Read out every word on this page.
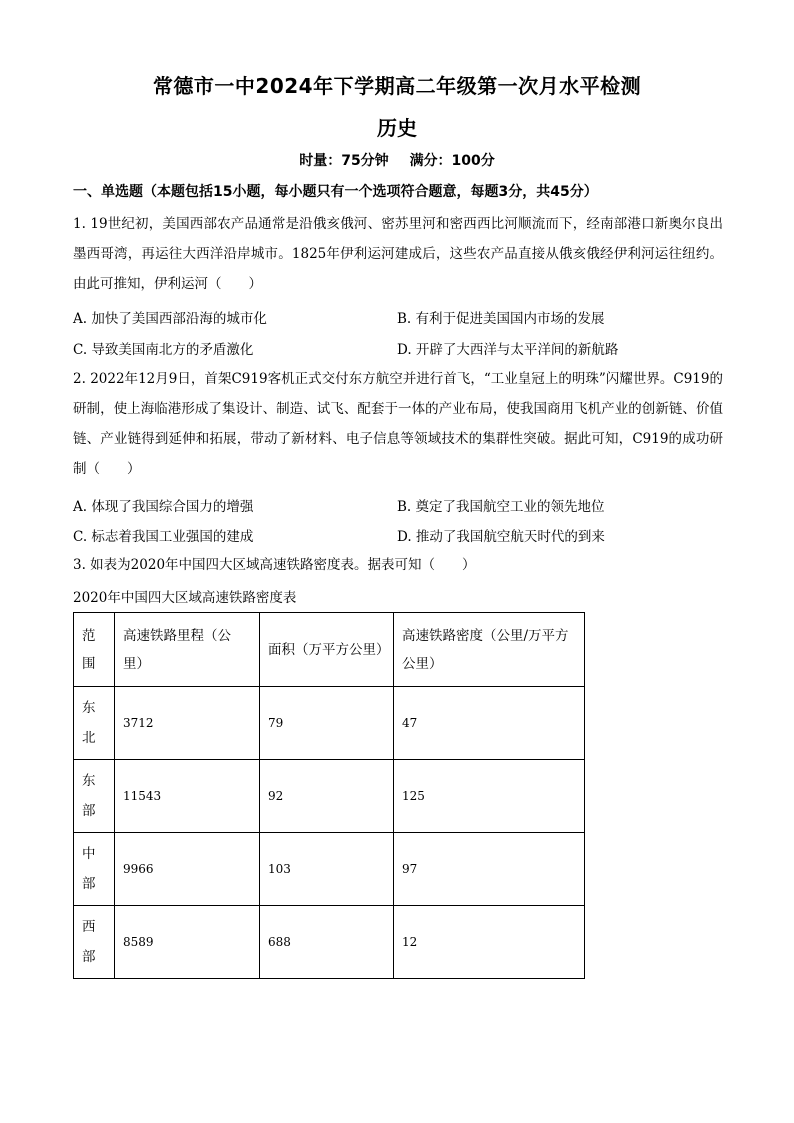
常德市一中2024年下学期高二年级第一次月水平检测
历史
时量：75分钟 满分：100分
一、单选题（本题包括15小题，每小题只有一个选项符合题意，每题3分，共45分）
1. 19世纪初，美国西部农产品通常是沿俄亥俄河、密苏里河和密西西比河顺流而下，经南部港口新奥尔良出墨西哥湾，再运往大西洋沿岸城市。1825年伊利运河建成后，这些农产品直接从俄亥俄经伊利河运往纽约。由此可推知，伊利运河（　　）
A. 加快了美国西部沿海的城市化	B. 有利于促进美国国内市场的发展
C. 导致美国南北方的矛盾激化	D. 开辟了大西洋与太平洋间的新航路
2. 2022年12月9日，首架C919客机正式交付东方航空并进行首飞，“工业皇冠上的明珠”闪耀世界。C919的研制，使上海临港形成了集设计、制造、试飞、配套于一体的产业布局，使我国商用飞机产业的创新链、价值链、产业链得到延伸和拓展，带动了新材料、电子信息等领域技术的集群性突破。据此可知，C919的成功研制（　　）
A. 体现了我国综合国力的增强	B. 奠定了我国航空工业的领先地位
C. 标志着我国工业强国的建成	D. 推动了我国航空航天时代的到来
3. 如表为2020年中国四大区域高速铁路密度表。据表可知（　　）
2020年中国四大区域高速铁路密度表
范围	高速铁路里程（公里）	面积（万平方公里）	高速铁路密度（公里/万平方公里）
东北	3712	79	47
东部	11543	92	125
中部	9966	103	97
西部	8589	688	12
